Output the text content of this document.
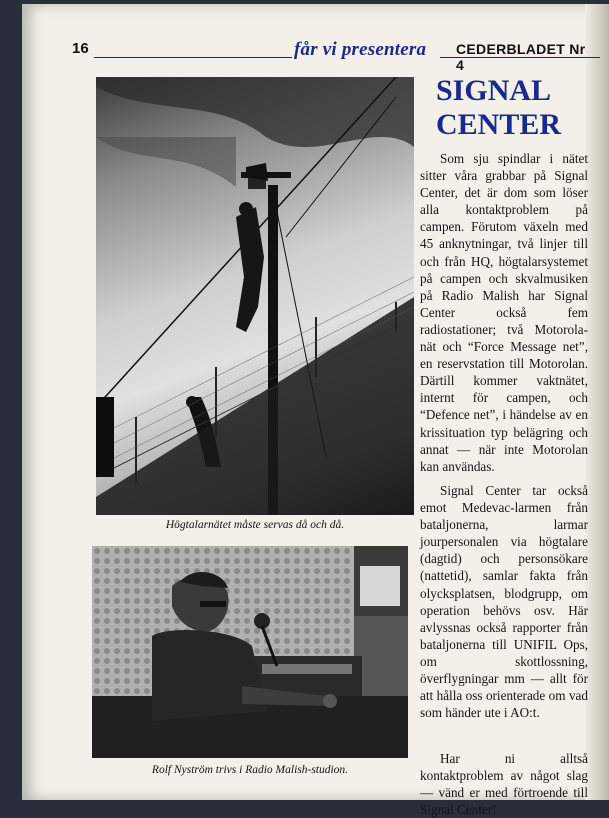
16	får vi presentera CEDERBLADET Nr 4
Högtalarnätet måste servas då och då.
Rolf Nyström trivs i Radio Malish-studion.
SIGNAL
CENTER

Som sju spindlar i nätet sitter våra grabbar på Signal Center, det är dom som löser alla kontaktproblem på campen. Förutom växeln med 45 anknytningar, två linjer till och från HQ, högtalarsystemet på campen och skvalmusiken på Radio Malish har Signal Center också fem radiostationer; två Motorola-nät och “Force Message net”, en reservstation till Motorolan. Därtill kommer vaktnätet, internt för campen, och “Defence net”, i händelse av en krissituation typ belägring och annat — när inte Motorolan kan användas.

Signal Center tar också emot Medevac-larmen från bataljonerna, larmar jourpersonalen via högtalare (dagtid) och personsökare (nattetid), samlar fakta från olycksplatsen, blodgrupp, om operation behövs osv. Här avlyssnas också rapporter från bataljonerna till UNIFIL Ops, om skottlossning, överflygningar mm — allt för att hålla oss orienterade om vad som händer ute i AO:t.

Har ni alltså kontaktproblem av något slag — vänd er med förtroende till Signal Center!
